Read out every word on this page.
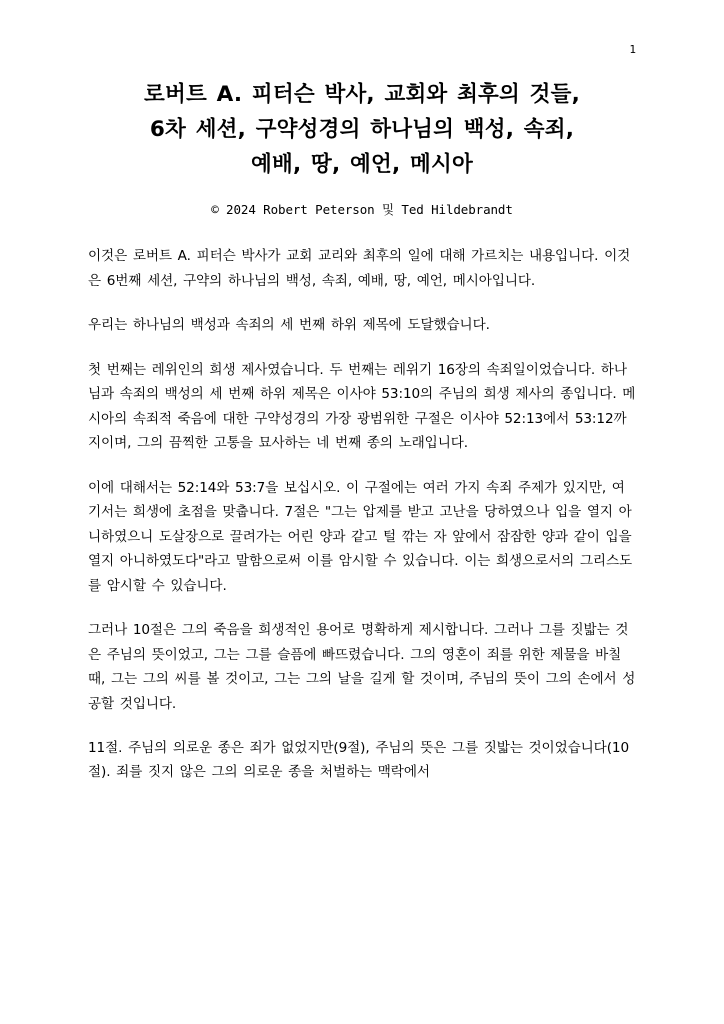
1
로버트 A. 피터슨 박사, 교회와 최후의 것들,
6차 세션, 구약성경의 하나님의 백성, 속죄,
예배, 땅, 예언, 메시아
© 2024 Robert Peterson 및 Ted Hildebrandt

이것은 로버트 A. 피터슨 박사가 교회 교리와 최후의 일에 대해 가르치는 내용입니다. 이것은 6번째 세션, 구약의 하나님의 백성, 속죄, 예배, 땅, 예언, 메시아입니다.

우리는 하나님의 백성과 속죄의 세 번째 하위 제목에 도달했습니다.

첫 번째는 레위인의 희생 제사였습니다. 두 번째는 레위기 16장의 속죄일이었습니다. 하나님과 속죄의 백성의 세 번째 하위 제목은 이사야 53:10의 주님의 희생 제사의 종입니다. 메시아의 속죄적 죽음에 대한 구약성경의 가장 광범위한 구절은 이사야 52:13에서 53:12까지이며, 그의 끔찍한 고통을 묘사하는 네 번째 종의 노래입니다.

이에 대해서는 52:14와 53:7을 보십시오. 이 구절에는 여러 가지 속죄 주제가 있지만, 여기서는 희생에 초점을 맞춥니다. 7절은 "그는 압제를 받고 고난을 당하였으나 입을 열지 아니하였으니 도살장으로 끌려가는 어린 양과 같고 털 깎는 자 앞에서 잠잠한 양과 같이 입을 열지 아니하였도다"라고 말함으로써 이를 암시할 수 있습니다. 이는 희생으로서의 그리스도를 암시할 수 있습니다.

그러나 10절은 그의 죽음을 희생적인 용어로 명확하게 제시합니다. 그러나 그를 짓밟는 것은 주님의 뜻이었고, 그는 그를 슬픔에 빠뜨렸습니다. 그의 영혼이 죄를 위한 제물을 바칠 때, 그는 그의 씨를 볼 것이고, 그는 그의 날을 길게 할 것이며, 주님의 뜻이 그의 손에서 성공할 것입니다.

11절. 주님의 의로운 종은 죄가 없었지만(9절), 주님의 뜻은 그를 짓밟는 것이었습니다(10절). 죄를 짓지 않은 그의 의로운 종을 처벌하는 맥락에서
